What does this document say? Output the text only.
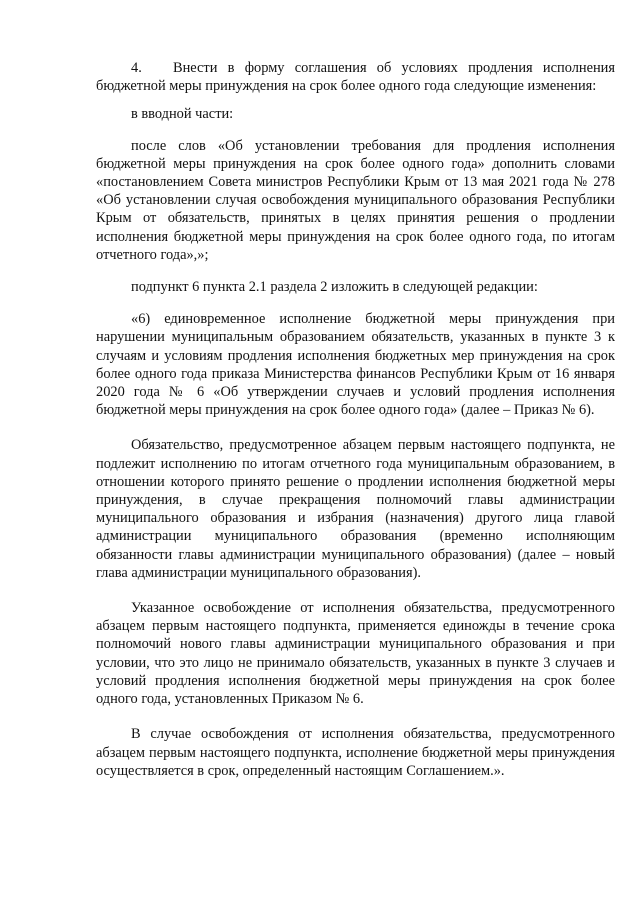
4. Внести в форму соглашения об условиях продления исполнения бюджетной меры принуждения на срок более одного года следующие изменения:

в вводной части:

после слов «Об установлении требования для продления исполнения бюджетной меры принуждения на срок более одного года» дополнить словами «постановлением Совета министров Республики Крым от 13 мая 2021 года № 278 «Об установлении случая освобождения муниципального образования Республики Крым от обязательств, принятых в целях принятия решения о продлении исполнения бюджетной меры принуждения на срок более одного года, по итогам отчетного года»,»;

подпункт 6 пункта 2.1 раздела 2 изложить в следующей редакции:

«6) единовременное исполнение бюджетной меры принуждения при нарушении муниципальным образованием обязательств, указанных в пункте 3 к случаям и условиям продления исполнения бюджетных мер принуждения на срок более одного года приказа Министерства финансов Республики Крым от 16 января 2020 года № 6 «Об утверждении случаев и условий продления исполнения бюджетной меры принуждения на срок более одного года» (далее – Приказ № 6).

Обязательство, предусмотренное абзацем первым настоящего подпункта, не подлежит исполнению по итогам отчетного года муниципальным образованием, в отношении которого принято решение о продлении исполнения бюджетной меры принуждения, в случае прекращения полномочий главы администрации муниципального образования и избрания (назначения) другого лица главой администрации муниципального образования (временно исполняющим обязанности главы администрации муниципального образования) (далее – новый глава администрации муниципального образования).

Указанное освобождение от исполнения обязательства, предусмотренного абзацем первым настоящего подпункта, применяется единожды в течение срока полномочий нового главы администрации муниципального образования и при условии, что это лицо не принимало обязательств, указанных в пункте 3 случаев и условий продления исполнения бюджетной меры принуждения на срок более одного года, установленных Приказом № 6.

В случае освобождения от исполнения обязательства, предусмотренного абзацем первым настоящего подпункта, исполнение бюджетной меры принуждения осуществляется в срок, определенный настоящим Соглашением.».
